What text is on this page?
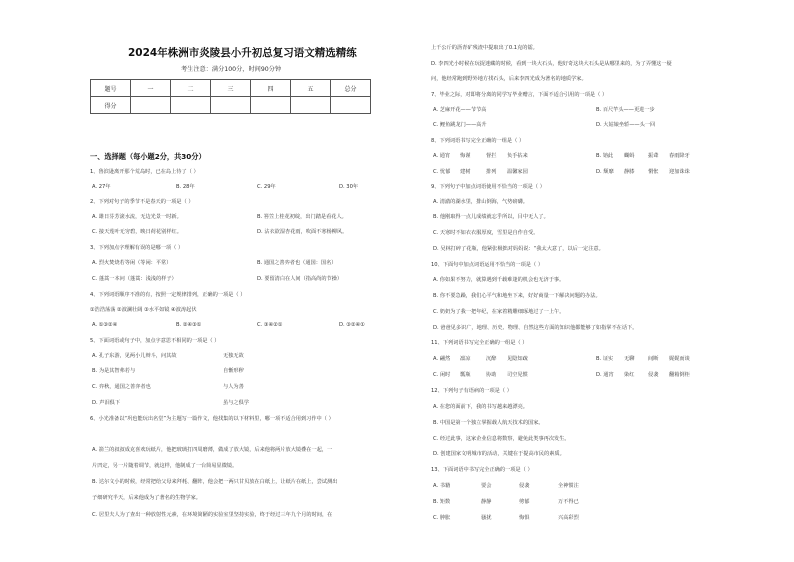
2024年株洲市炎陵县小升初总复习语文精选精练
考生注意：满分100分，时间90分钟
题号	一	二	三	四	五	总分
得分						
一、选择题（每小题2分，共30分）
1、鲁滨逊离开那个荒岛时，已在岛上待了（ ）
A. 27年	B. 28年	C. 29年	D. 30年
2、下列对句子的季节不是春天的一项是（ ）
A. 雄日芬芳滚水流，无边光景一时新。	B. 笞笠上桂花初绽，出门踏是看花人。
C. 接天莲叶无穷碧，映日荷花别样红。	D. 沾衣欲湿杏花雨，吹面不寒杨柳风。
3、下列加点字理解有误的是哪一项（ ）
A. 烈火焚烧若等闲（等闲：平常）	B. 通国之善弈者也（通国：国名）
C. 蓬蒿一本问（蓬蒿：浅浅的样子）	D. 要留清白在人间（指高尚的节操）
4、下列词语顺序不准的有，按照一定规律排列，正确的一项是（ ）
①浩浩荡荡 ②波澜壮阔 ③水平如镜 ④波涛起伏
A. ①③②④	B. ②④③①	C. ③④②①	D. ③②④①
5、下面词语或句子中，加点字意思不相同的一项是（ ）
A. 孔子东游，见两小儿辩斗，问其故	无独无故
B. 为是其智弗若与	自惭形秽
C. 弈秋，通国之善弈者也	与人为善
D. 声泪俱下	虽与之俱学
6、小光准备以“巩也能玩出名堂”为主题写一篇作文，他找集的以下材料里，哪一项不适合用到习作中（ ）
A. 箭兰的叔叔成克喜欢玩纸片，他把玻璃打四周磨薄，做成了放大镜，后来他将两片放大镜叠在一起，一
片凹定，另一片随着调节，就这样，他制成了一台简易显微镜。
B. 达尔文小的时候，经常把给父母来拜耗、翻阵，他会把一两只甘贝放在白纸上，让纸片在纸上，尝试测出
子细研究半天，后来他成为了著名的生物学家。
C. 居里夫人为了查出一种放射性元素，在环境简陋的实验室里坚持实验，终于经过三年九个月的时间，在
上千公斤的沥青矿残渣中提取出了0.1克的镭。
D. 李四光小时候在玩捉迷藏的时候，看到一块大石头，他好奇这块大石头是从哪里来的，为了弄懂这一疑
问，他经常跑到野外地方找石头，后来李四光成为著名的地质学家。
7、毕业之际，对即将分离的同学写毕业赠言，下面不适合引用的一项是（ ）
A. 芝麻开花——节节高	B. 百尺竿头——更进一步
C. 鲤鱼跳龙门——高升	D. 大姑娘坐轿——头一回
8、下列词语书写完全正确的一组是（ ）
A. 通宵 悔谨	督拦 负手拈来	B. 镕此 蝴蚂	振聋 春雨降牙
C. 忧郁 建树	排列 温馨家园	D. 颓靡 静膝	惘怅 迎加诛诛
9、下列句子中加点词语使用不恰当的一项是（ ）
A. 清澈的湖水里，排山倒海，气势磅礴。
B. 他刚取得一点儿成绩就忘乎所以，目中无人了。
C. 天寒时不如衣衣服厚度，雪里是自作自受。
D. 吴林打碎了花瓶，他紧张极拙对妈妈说：“我太大意了，以后一定注意。
10、下面句中加点词语运用不恰当的一项是（ ）
A. 你如果不努力，就算遇到千载难逢的机会也无济于事。
B. 你不要急躁，我们心平气和地坐下来，好好商量一下解决问题的办法。
C. 奶奶为了我一把年纪，在家着精雕细琢地过了一上午。
D. 爸爸见多识广，地理、历史、物理、自然这些方面的知识他都能够了如指掌不在话下。
11、下列词语书写完全正确的一组是（ ）
A. 翩然 凛凉	沉醉 见隐知疏	B. 证实 无聊	间断 娓娓而谈
C. 闲时 瓢瓶	协助 司空见惯	D. 通宵 染红	侵袭 翻箱倒柜
12、下列句子有语病的一项是（ ）
A. 在您的面前下，我的书写越来越漂亮。
B. 中国是第一个独立掌握载人航天技术的国家。
C. 经过此事，这家企业信息将数察，避免此类事再次发生。
D. 创建国家文明城市的活动，关键在于提高市民的素质。
13、下面词语中书写完全正确的一项是（ ）
A. 书籍	要会	侵袭	全神惯注
B. 矩数	静静	剪郁	万不得已
C. 肿胀	骚扰	悔惧	兴高彩烈
